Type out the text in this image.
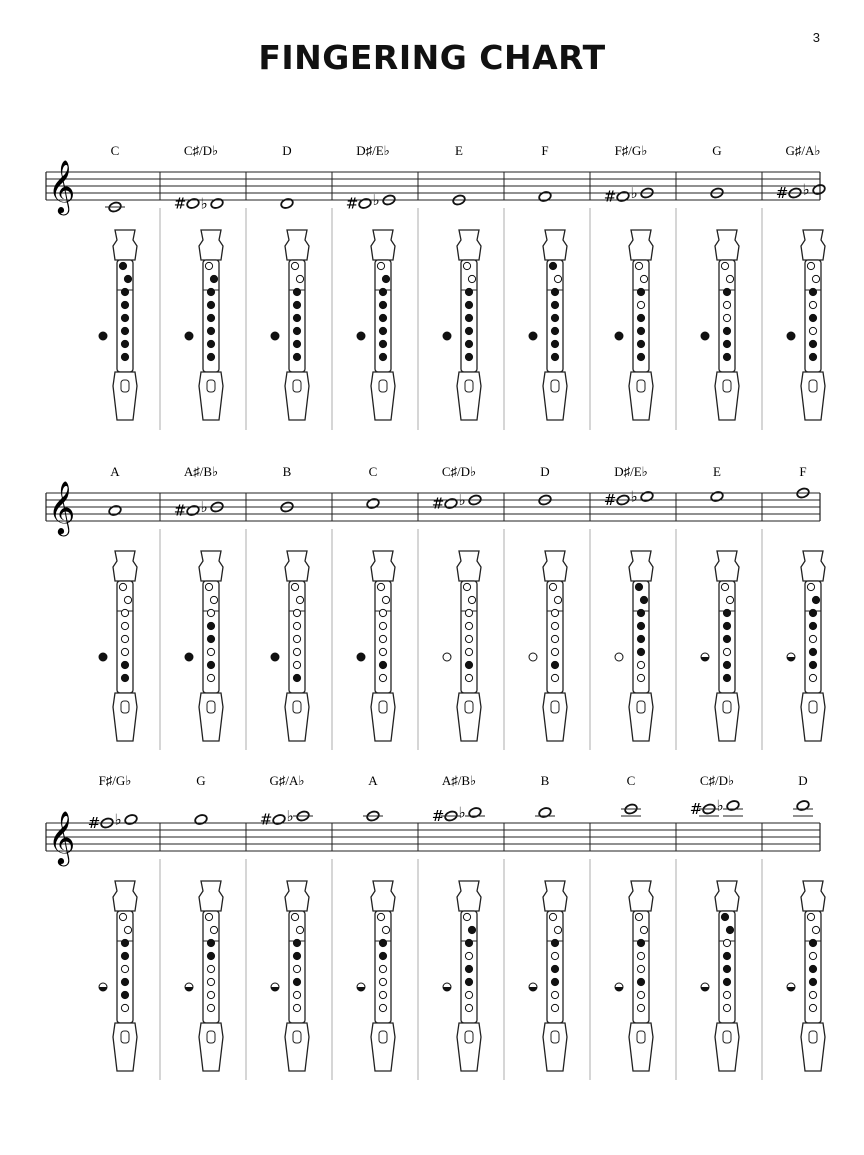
3
FINGERING CHART
𝄞
C	C♯/D♭
# ♭
D	D♯/E♭
# ♭
E	F	F♯/G♭
# ♭
G	G♯/A♭
# ♭
𝄞
A	A♯/B♭
# ♭
B	C	C♯/D♭
# ♭
D	D♯/E♭
# ♭
E	F
𝄞
F♯/G♭
# ♭
G	G♯/A♭
# ♭
A	A♯/B♭
# ♭
B	C	C♯/D♭
# ♭
D
